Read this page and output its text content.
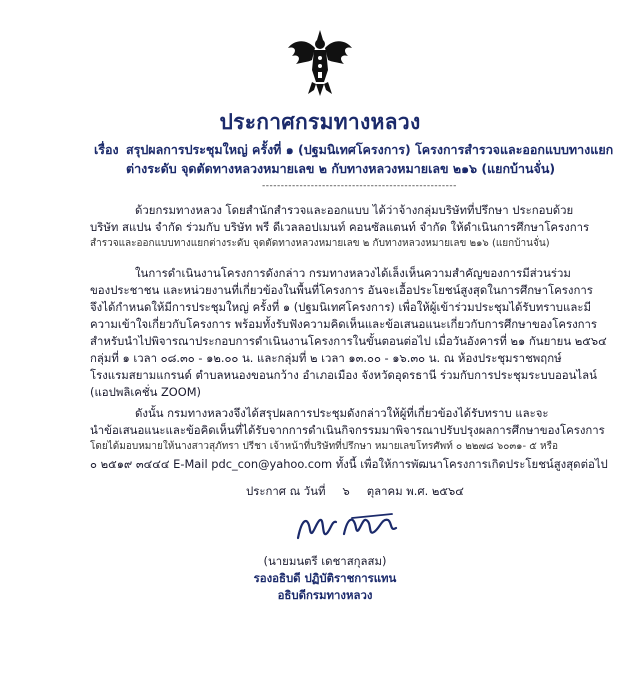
ประกาศกรมทางหลวง
เรื่อง สรุปผลการประชุมใหญ่ ครั้งที่ ๑ (ปฐมนิเทศโครงการ) โครงการสำรวจและออกแบบทางแยก
ต่างระดับ จุดตัดทางหลวงหมายเลข ๒ กับทางหลวงหมายเลข ๒๑๖ (แยกบ้านจั่น)
----------------------------------------------------
ด้วยกรมทางหลวง โดยสำนักสำรวจและออกแบบ ได้ว่าจ้างกลุ่มบริษัทที่ปรึกษา ประกอบด้วย
บริษัท สแปน จำกัด ร่วมกับ บริษัท พรี ดีเวลลอปเมนท์ คอนซัลแตนท์ จำกัด ให้ดำเนินการศึกษาโครงการ
สำรวจและออกแบบทางแยกต่างระดับ จุดตัดทางหลวงหมายเลข ๒ กับทางหลวงหมายเลข ๒๑๖ (แยกบ้านจั่น)
ในการดำเนินงานโครงการดังกล่าว กรมทางหลวงได้เล็งเห็นความสำคัญของการมีส่วนร่วม
ของประชาชน และหน่วยงานที่เกี่ยวข้องในพื้นที่โครงการ อันจะเอื้อประโยชน์สูงสุดในการศึกษาโครงการ
จึงได้กำหนดให้มีการประชุมใหญ่ ครั้งที่ ๑ (ปฐมนิเทศโครงการ) เพื่อให้ผู้เข้าร่วมประชุมได้รับทราบและมี
ความเข้าใจเกี่ยวกับโครงการ พร้อมทั้งรับฟังความคิดเห็นและข้อเสนอแนะเกี่ยวกับการศึกษาของโครงการ
สำหรับนำไปพิจารณาประกอบการดำเนินงานโครงการในขั้นตอนต่อไป เมื่อวันอังคารที่ ๒๑ กันยายน ๒๕๖๔
กลุ่มที่ ๑ เวลา ๐๘.๓๐ - ๑๒.๐๐ น. และกลุ่มที่ ๒ เวลา ๑๓.๐๐ - ๑๖.๓๐ น. ณ ห้องประชุมราชพฤกษ์
โรงแรมสยามแกรนด์ ตำบลหนองขอนกว้าง อำเภอเมือง จังหวัดอุดรธานี ร่วมกับการประชุมระบบออนไลน์
(แอปพลิเคชั่น ZOOM)
ดังนั้น กรมทางหลวงจึงได้สรุปผลการประชุมดังกล่าวให้ผู้ที่เกี่ยวข้องได้รับทราบ และจะ
นำข้อเสนอแนะและข้อคิดเห็นที่ได้รับจากการดำเนินกิจกรรมมาพิจารณาปรับปรุงผลการศึกษาของโครงการ
โดยได้มอบหมายให้นางสาวสุภัทรา ปรีชา เจ้าหน้าที่บริษัทที่ปรึกษา หมายเลขโทรศัพท์ ๐ ๒๒๗๘ ๖๐๓๑- ๕ หรือ
๐ ๒๕๑๙ ๓๔๔๔ E-Mail pdc_con@yahoo.com ทั้งนี้ เพื่อให้การพัฒนาโครงการเกิดประโยชน์สูงสุดต่อไป
ประกาศ ณ วันที่ ๖ ตุลาคม พ.ศ. ๒๕๖๔
(นายมนตรี เดชาสกุลสม)
รองอธิบดี ปฏิบัติราชการแทน
อธิบดีกรมทางหลวง
